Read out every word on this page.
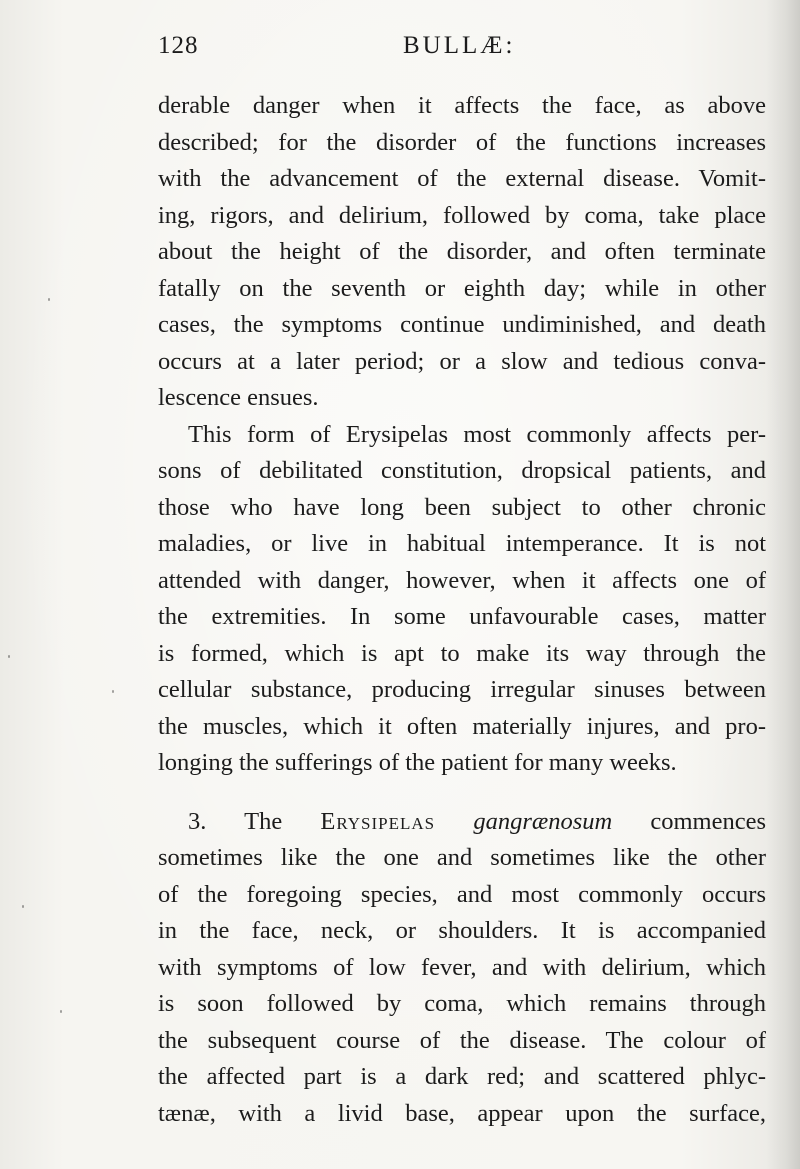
128	BULLÆ:
derable danger when it affects the face, as above
described; for the disorder of the functions increases
with the advancement of the external disease. Vomit-
ing, rigors, and delirium, followed by coma, take place
about the height of the disorder, and often terminate
fatally on the seventh or eighth day; while in other
cases, the symptoms continue undiminished, and death
occurs at a later period; or a slow and tedious conva-
lescence ensues.
This form of Erysipelas most commonly affects per-
sons of debilitated constitution, dropsical patients, and
those who have long been subject to other chronic
maladies, or live in habitual intemperance. It is not
attended with danger, however, when it affects one of
the extremities. In some unfavourable cases, matter
is formed, which is apt to make its way through the
cellular substance, producing irregular sinuses between
the muscles, which it often materially injures, and pro-
longing the sufferings of the patient for many weeks.
3. The Erysipelas gangrænosum commences
sometimes like the one and sometimes like the other
of the foregoing species, and most commonly occurs
in the face, neck, or shoulders. It is accompanied
with symptoms of low fever, and with delirium, which
is soon followed by coma, which remains through
the subsequent course of the disease. The colour of
the affected part is a dark red; and scattered phlyc-
tænæ, with a livid base, appear upon the surface,
